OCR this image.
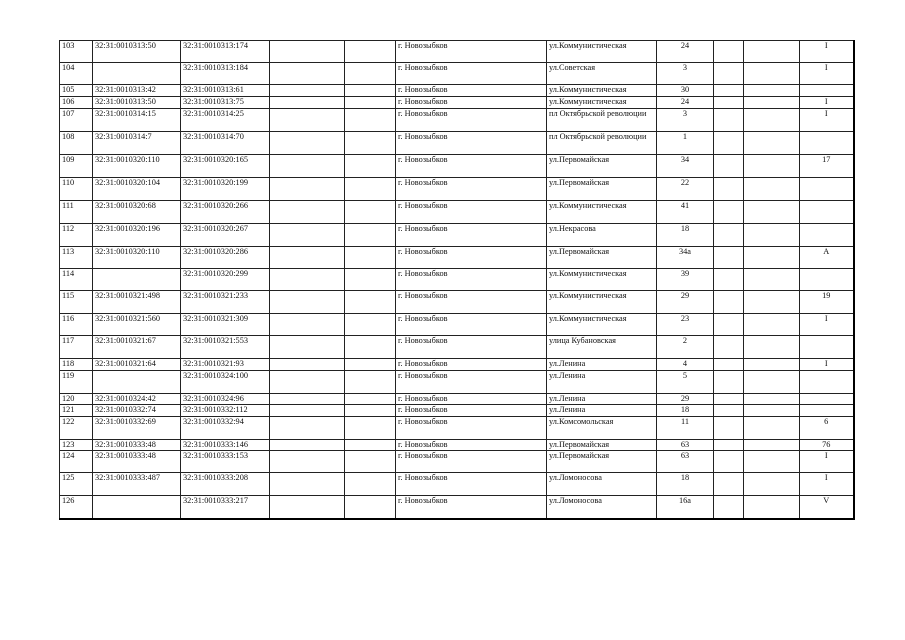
103	32:31:0010313:50	32:31:0010313:174			г. Новозыбков	ул.Коммунистическая	24			I
104		32:31:0010313:184			г. Новозыбков	ул.Советская	3			I
105	32:31:0010313:42	32:31:0010313:61			г. Новозыбков	ул.Коммунистическая	30			
106	32:31:0010313:50	32:31:0010313:75			г. Новозыбков	ул.Коммунистическая	24			I
107	32:31:0010314:15	32:31:0010314:25			г. Новозыбков	пл Октябрьской революции	3			I
108	32:31:0010314:7	32:31:0010314:70			г. Новозыбков	пл Октябрьской революции	1			
109	32:31:0010320:110	32:31:0010320:165			г. Новозыбков	ул.Первомайская	34			17
110	32:31:0010320:104	32:31:0010320:199			г. Новозыбков	ул.Первомайская	22			
111	32:31:0010320:68	32:31:0010320:266			г. Новозыбков	ул.Коммунистическая	41			
112	32:31:0010320:196	32:31:0010320:267			г. Новозыбков	ул.Некрасова	18			
113	32:31:0010320:110	32:31:0010320:286			г. Новозыбков	ул.Первомайская	34а			А
114		32:31:0010320:299			г. Новозыбков	ул.Коммунистическая	39			
115	32:31:0010321:498	32:31:0010321:233			г. Новозыбков	ул.Коммунистическая	29			19
116	32:31:0010321:560	32:31:0010321:309			г. Новозыбков	ул.Коммунистическая	23			I
117	32:31:0010321:67	32:31:0010321:553			г. Новозыбков	улица Кубановская	2			
118	32:31:0010321:64	32:31:0010321:93			г. Новозыбков	ул.Ленина	4			I
119		32:31:0010324:100			г. Новозыбков	ул.Ленина	5			
120	32:31:0010324:42	32:31:0010324:96			г. Новозыбков	ул.Ленина	29			
121	32:31:0010332:74	32:31:0010332:112			г. Новозыбков	ул.Ленина	18			
122	32:31:0010332:69	32:31:0010332:94			г. Новозыбков	ул.Комсомольская	11			6
123	32:31:0010333:48	32:31:0010333:146			г. Новозыбков	ул.Первомайская	63			76
124	32:31:0010333:48	32:31:0010333:153			г. Новозыбков	ул.Первомайская	63			I
125	32:31:0010333:487	32:31:0010333:208			г. Новозыбков	ул.Ломоносова	18			I
126		32:31:0010333:217			г. Новозыбков	ул.Ломоносова	16а			V
